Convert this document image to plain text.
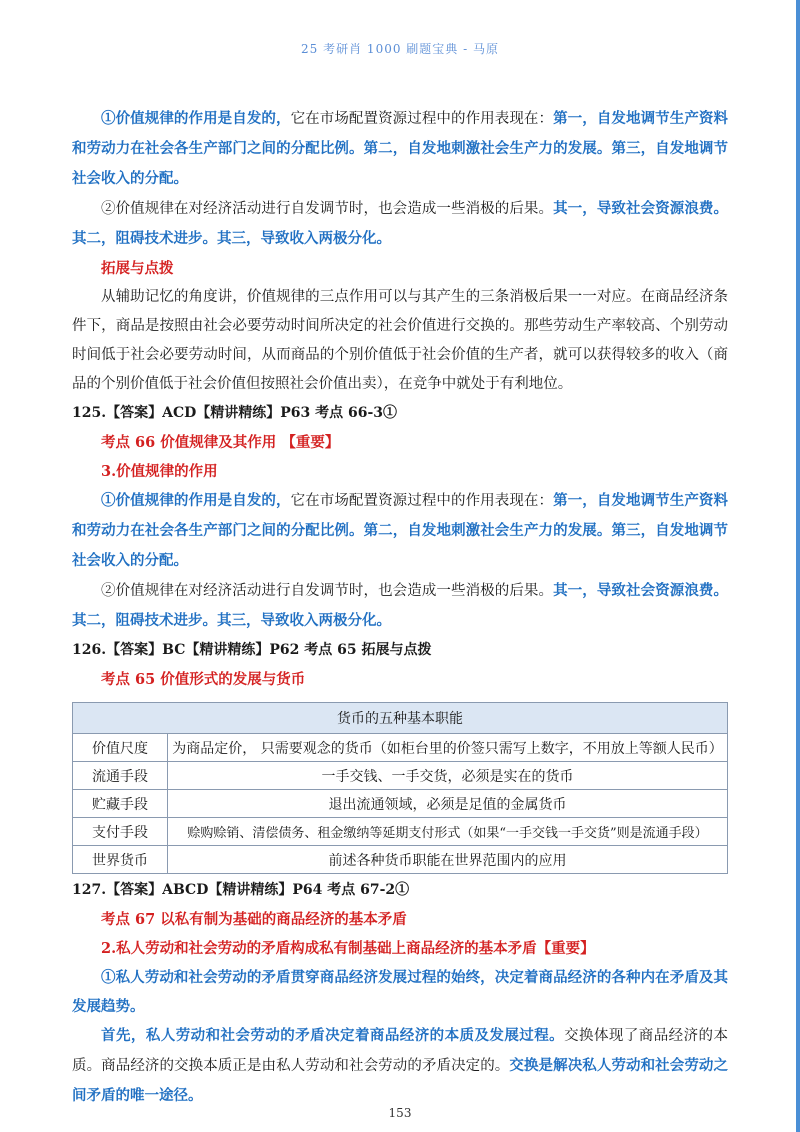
25 考研肖 1000 刷题宝典 - 马原

①价值规律的作用是自发的，它在市场配置资源过程中的作用表现在：第一，自发地调节生产资料和劳动力在社会各生产部门之间的分配比例。第二，自发地刺激社会生产力的发展。第三，自发地调节社会收入的分配。

②价值规律在对经济活动进行自发调节时，也会造成一些消极的后果。其一，导致社会资源浪费。其二，阻碍技术进步。其三，导致收入两极分化。

拓展与点拨

从辅助记忆的角度讲，价值规律的三点作用可以与其产生的三条消极后果一一对应。在商品经济条件下，商品是按照由社会必要劳动时间所决定的社会价值进行交换的。那些劳动生产率较高、个别劳动时间低于社会必要劳动时间，从而商品的个别价值低于社会价值的生产者，就可以获得较多的收入（商品的个别价值低于社会价值但按照社会价值出卖），在竞争中就处于有利地位。

125.【答案】ACD【精讲精练】P63 考点 66-3①

考点 66 价值规律及其作用 【重要】

3.价值规律的作用

①价值规律的作用是自发的，它在市场配置资源过程中的作用表现在：第一，自发地调节生产资料和劳动力在社会各生产部门之间的分配比例。第二，自发地刺激社会生产力的发展。第三，自发地调节社会收入的分配。

②价值规律在对经济活动进行自发调节时，也会造成一些消极的后果。其一，导致社会资源浪费。其二，阻碍技术进步。其三，导致收入两极分化。

126.【答案】BC【精讲精练】P62 考点 65 拓展与点拨

考点 65 价值形式的发展与货币

货币的五种基本职能	
价值尺度	为商品定价， 只需要观念的货币（如柜台里的价签只需写上数字，不用放上等额人民币）
流通手段	一手交钱、一手交货，必须是实在的货币
贮藏手段	退出流通领域，必须是足值的金属货币
支付手段	赊购赊销、清偿债务、租金缴纳等延期支付形式（如果“一手交钱一手交货”则是流通手段）
世界货币	前述各种货币职能在世界范围内的应用

127.【答案】ABCD【精讲精练】P64 考点 67-2①

考点 67 以私有制为基础的商品经济的基本矛盾

2.私人劳动和社会劳动的矛盾构成私有制基础上商品经济的基本矛盾【重要】

①私人劳动和社会劳动的矛盾贯穿商品经济发展过程的始终，决定着商品经济的各种内在矛盾及其发展趋势。

首先，私人劳动和社会劳动的矛盾决定着商品经济的本质及发展过程。交换体现了商品经济的本质。商品经济的交换本质正是由私人劳动和社会劳动的矛盾决定的。交换是解决私人劳动和社会劳动之间矛盾的唯一途径。

153
